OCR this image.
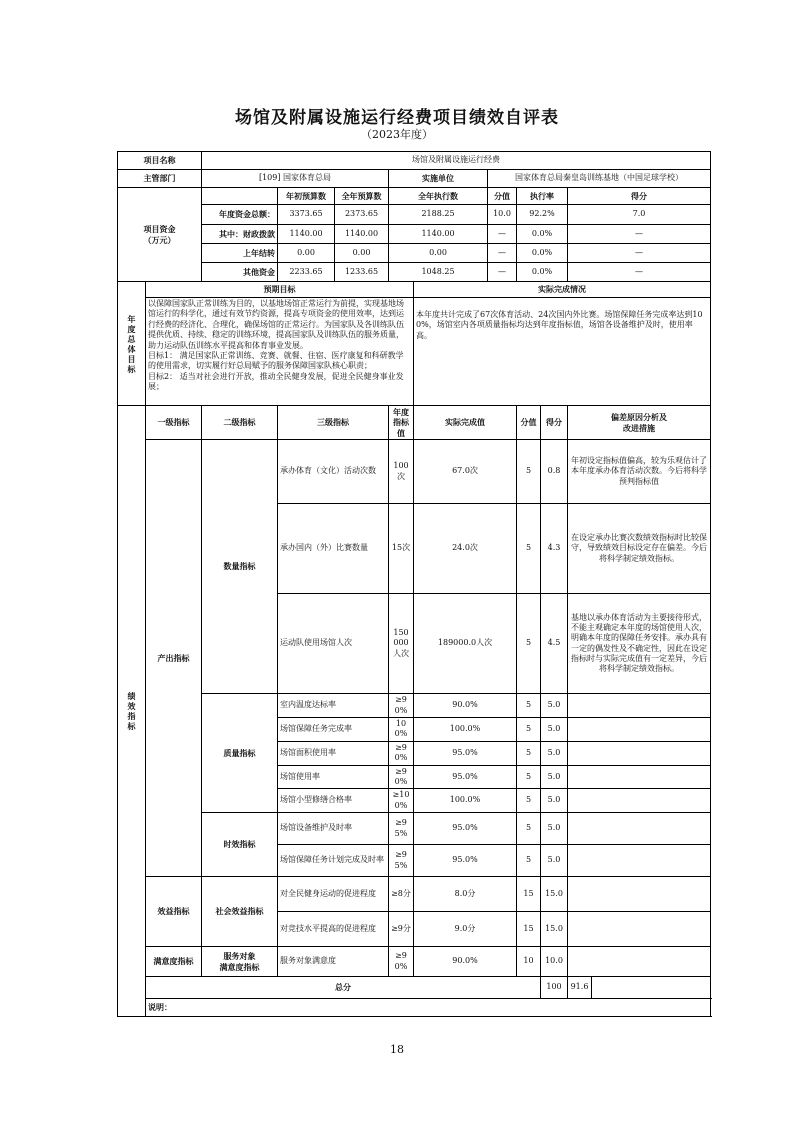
场馆及附属设施运行经费项目绩效自评表
（2023年度）
项目名称		场馆及附属设施运行经费									
主管部门		[109] 国家体育总局			实施单位		国家体育总局秦皇岛训练基地（中国足球学校）				
项目资金
（万元）			年初预算数	全年预算数	全年执行数		分值	执行率		得分	
		年度资金总额：	3373.65	2373.65	2188.25		10.0	92.2%		7.0	
		其中：财政拨款	1140.00	1140.00	1140.00		—	0.0%		—	
		上年结转	0.00	0.00	0.00		—	0.0%		—	
		其他资金	2233.65	1233.65	1048.25		—	0.0%		—	

年度总体目标	预期目标					实际完成情况					
	以保障国家队正常训练为目的，以基地场馆正常运行为前提，实现基地场馆运行的科学化，通过有效节约资源，提高专项资金的使用效率，达到运行经费的经济化、合理化，确保场馆的正常运行。为国家队及各训练队伍提供优质、持续、稳定的训练环境，提高国家队及训练队伍的服务质量，助力运动队伍训练水平提高和体育事业发展。
目标1： 满足国家队正常训练、竞赛、就餐、住宿、医疗康复和科研教学的使用需求，切实履行好总局赋予的服务保障国家队核心职责；
目标2： 适当对社会进行开放，推动全民健身发展，促进全民健身事业发展；					本年度共计完成了67次体育活动、24次国内外比赛。场馆保障任务完成率达到100%，场馆室内各项质量指标均达到年度指标值，场馆各设备维护及时，使用率高。					

绩效指标	一级指标	二级指标	三级指标		年度指标值	实际完成值		分值	得分	偏差原因分析及
改进措施	
	产出指标	数量指标	承办体育（文化）活动次数		100次	67.0次		5	0.8	年初设定指标值偏高，较为乐观估计了本年度承办体育活动次数。今后将科学预判指标值	
			承办国内（外）比赛数量		15次	24.0次		5	4.3	在设定承办比赛次数绩效指标时比较保守，导致绩效目标设定存在偏差。今后将科学制定绩效指标。	
			运动队使用场馆人次		150000人次	189000.0人次		5	4.5	基地以承办体育活动为主要接待形式，不能主观确定本年度的场馆使用人次，明确本年度的保障任务安排。承办具有一定的偶发性及不确定性，因此在设定指标时与实际完成值有一定差异，今后将科学制定绩效指标。	
		质量指标	室内温度达标率		≥90%	90.0%		5	5.0		
			场馆保障任务完成率		100%	100.0%		5	5.0		
			场馆面积使用率		≥90%	95.0%		5	5.0		
			场馆使用率		≥90%	95.0%		5	5.0		
			场馆小型修缮合格率		≥100%	100.0%		5	5.0		
		时效指标	场馆设备维护及时率		≥95%	95.0%		5	5.0		
			场馆保障任务计划完成及时率		≥95%	95.0%		5	5.0		
	效益指标	社会效益指标	对全民健身运动的促进程度		≥8分	8.0分		15	15.0		
			对竞技水平提高的促进程度		≥9分	9.0分		15	15.0		
	满意度指标	服务对象
满意度指标	服务对象满意度		≥90%	90.0%		10	10.0		
	总分								100	91.6	
	说明：										
18
